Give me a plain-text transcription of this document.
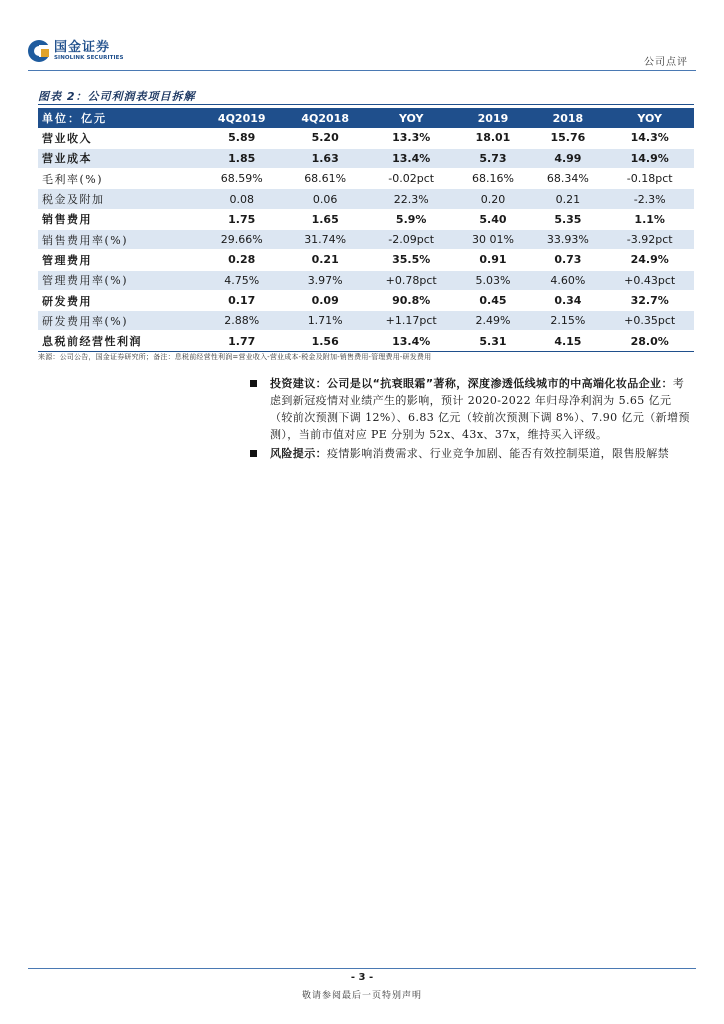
国金证券
SINOLINK SECURITIES	公司点评
图表 2：公司利润表项目拆解
单位：亿元	4Q2019	4Q2018	YOY	2019	2018	YOY
营业收入	5.89	5.20	13.3%	18.01	15.76	14.3%
营业成本	1.85	1.63	13.4%	5.73	4.99	14.9%
毛利率(%)	68.59%	68.61%	-0.02pct	68.16%	68.34%	-0.18pct
税金及附加	0.08	0.06	22.3%	0.20	0.21	-2.3%
销售费用	1.75	1.65	5.9%	5.40	5.35	1.1%
销售费用率(%)	29.66%	31.74%	-2.09pct	30 01%	33.93%	-3.92pct
管理费用	0.28	0.21	35.5%	0.91	0.73	24.9%
管理费用率(%)	4.75%	3.97%	+0.78pct	5.03%	4.60%	+0.43pct
研发费用	0.17	0.09	90.8%	0.45	0.34	32.7%
研发费用率(%)	2.88%	1.71%	+1.17pct	2.49%	2.15%	+0.35pct
息税前经营性利润	1.77	1.56	13.4%	5.31	4.15	28.0%
来源：公司公告，国金证券研究所；备注：息税前经营性利润=营业收入-营业成本-税金及附加-销售费用-管理费用-研发费用
投资建议：公司是以“抗衰眼霜”著称，深度渗透低线城市的中高端化妆品企业：考虑到新冠疫情对业绩产生的影响，预计 2020-2022 年归母净利润为 5.65 亿元（较前次预测下调 12%）、6.83 亿元（较前次预测下调 8%）、7.90 亿元（新增预测），当前市值对应 PE 分别为 52x、43x、37x，维持买入评级。
风险提示：疫情影响消费需求、行业竞争加剧、能否有效控制渠道，限售股解禁
- 3 -
敬请参阅最后一页特别声明
